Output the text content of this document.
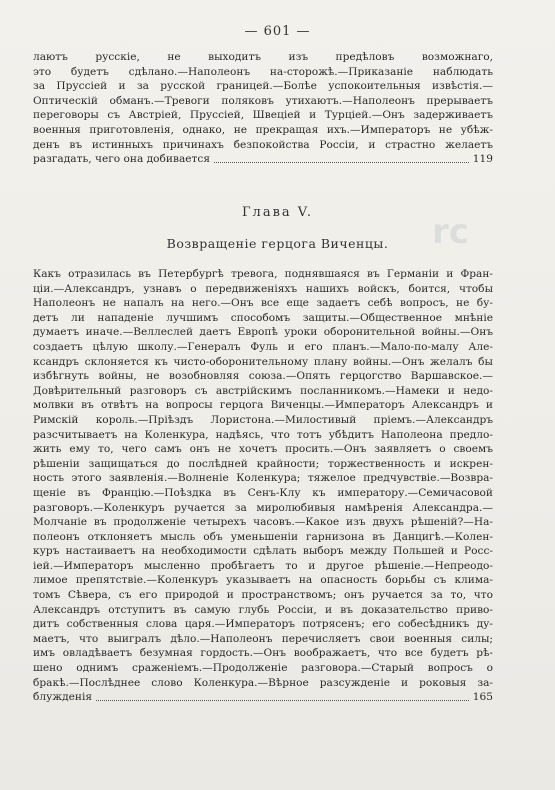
— 601 —
лаютъ русскіе, не выходитъ изъ предѣловъ возможнаго,
это будетъ сдѣлано.—Наполеонъ на-сторожѣ.—Приказаніе наблюдать
за Пруссіей и за русской границей.—Болѣе успокоительныя извѣстія.—
Оптическій обманъ.—Тревоги поляковъ утихаютъ.—Наполеонъ прерываетъ
переговоры съ Австріей, Пруссіей, Швеціей и Турціей.—Онъ задерживаетъ
военныя приготовленія, однако, не прекращая ихъ.—Императоръ не убѣж-
денъ въ истинныхъ причинахъ безпокойства Россіи, и страстно желаетъ
разгадать, чего она добивается	119
Глава V.
Возвращеніе герцога Виченцы.
Какъ отразилась въ Петербургѣ тревога, поднявшаяся въ Германіи и Фран-
ціи.—Александръ, узнавъ о передвиженіяхъ нашихъ войскъ, боится, чтобы
Наполеонъ не напалъ на него.—Онъ все еще задаетъ себѣ вопросъ, не бу-
детъ ли нападеніе лучшимъ способомъ защиты.—Общественное мнѣніе
думаетъ иначе.—Веллеслей даетъ Европѣ уроки оборонительной войны.—Онъ
создаетъ цѣлую школу.—Генералъ Фуль и его планъ.—Мало-по-малу Але-
ксандръ склоняется къ чисто-оборонительному плану войны.—Онъ желалъ бы
избѣгнуть войны, не возобновляя союза.—Опять герцогство Варшавское.—
Довѣрительный разговоръ съ австрійскимъ посланникомъ.—Намеки и недо-
молвки въ отвѣтъ на вопросы герцога Виченцы.—Императоръ Александръ и
Римскій король.—Пріѣздъ Лористона.—Милостивый пріемъ.—Александръ
разсчитываетъ на Коленкура, надѣясь, что тотъ убѣдитъ Наполеона предло-
жить ему то, чего самъ онъ не хочетъ просить.—Онъ заявляетъ о своемъ
рѣшеніи защищаться до послѣдней крайности; торжественность и искрен-
ность этого заявленія.—Волненіе Коленкура; тяжелое предчувствіе.—Возвра-
щеніе въ Францію.—Поѣздка въ Сенъ-Клу къ императору.—Семичасовой
разговоръ.—Коленкуръ ручается за миролюбивыя намѣренія Александра.—
Молчаніе въ продолженіе четырехъ часовъ.—Какое изъ двухъ рѣшеній?—На-
полеонъ отклоняетъ мысль объ уменьшеніи гарнизона въ Данцигѣ.—Колен-
куръ настаиваетъ на необходимости сдѣлать выборъ между Польшей и Росс-
іей.—Императоръ мысленно пробѣгаетъ то и другое рѣшеніе.—Непреодо-
лимое препятствіе.—Коленкуръ указываетъ на опасность борьбы съ клима-
томъ Сѣвера, съ его природой и пространствомъ; онъ ручается за то, что
Александръ отступитъ въ самую глубь Россіи, и въ доказательство приво-
дитъ собственныя слова царя.—Императоръ потрясенъ; его собесѣдникъ ду-
маетъ, что выигралъ дѣло.—Наполеонъ перечисляетъ свои военныя силы;
имъ овладѣваетъ безумная гордость.—Онъ воображаетъ, что все будетъ рѣ-
шено однимъ сраженіемъ.—Продолженіе разговора.—Старый вопросъ о
бракѣ.—Послѣднее слово Коленкура.—Вѣрное разсужденіе и роковыя за-
блужденія	165
rc
